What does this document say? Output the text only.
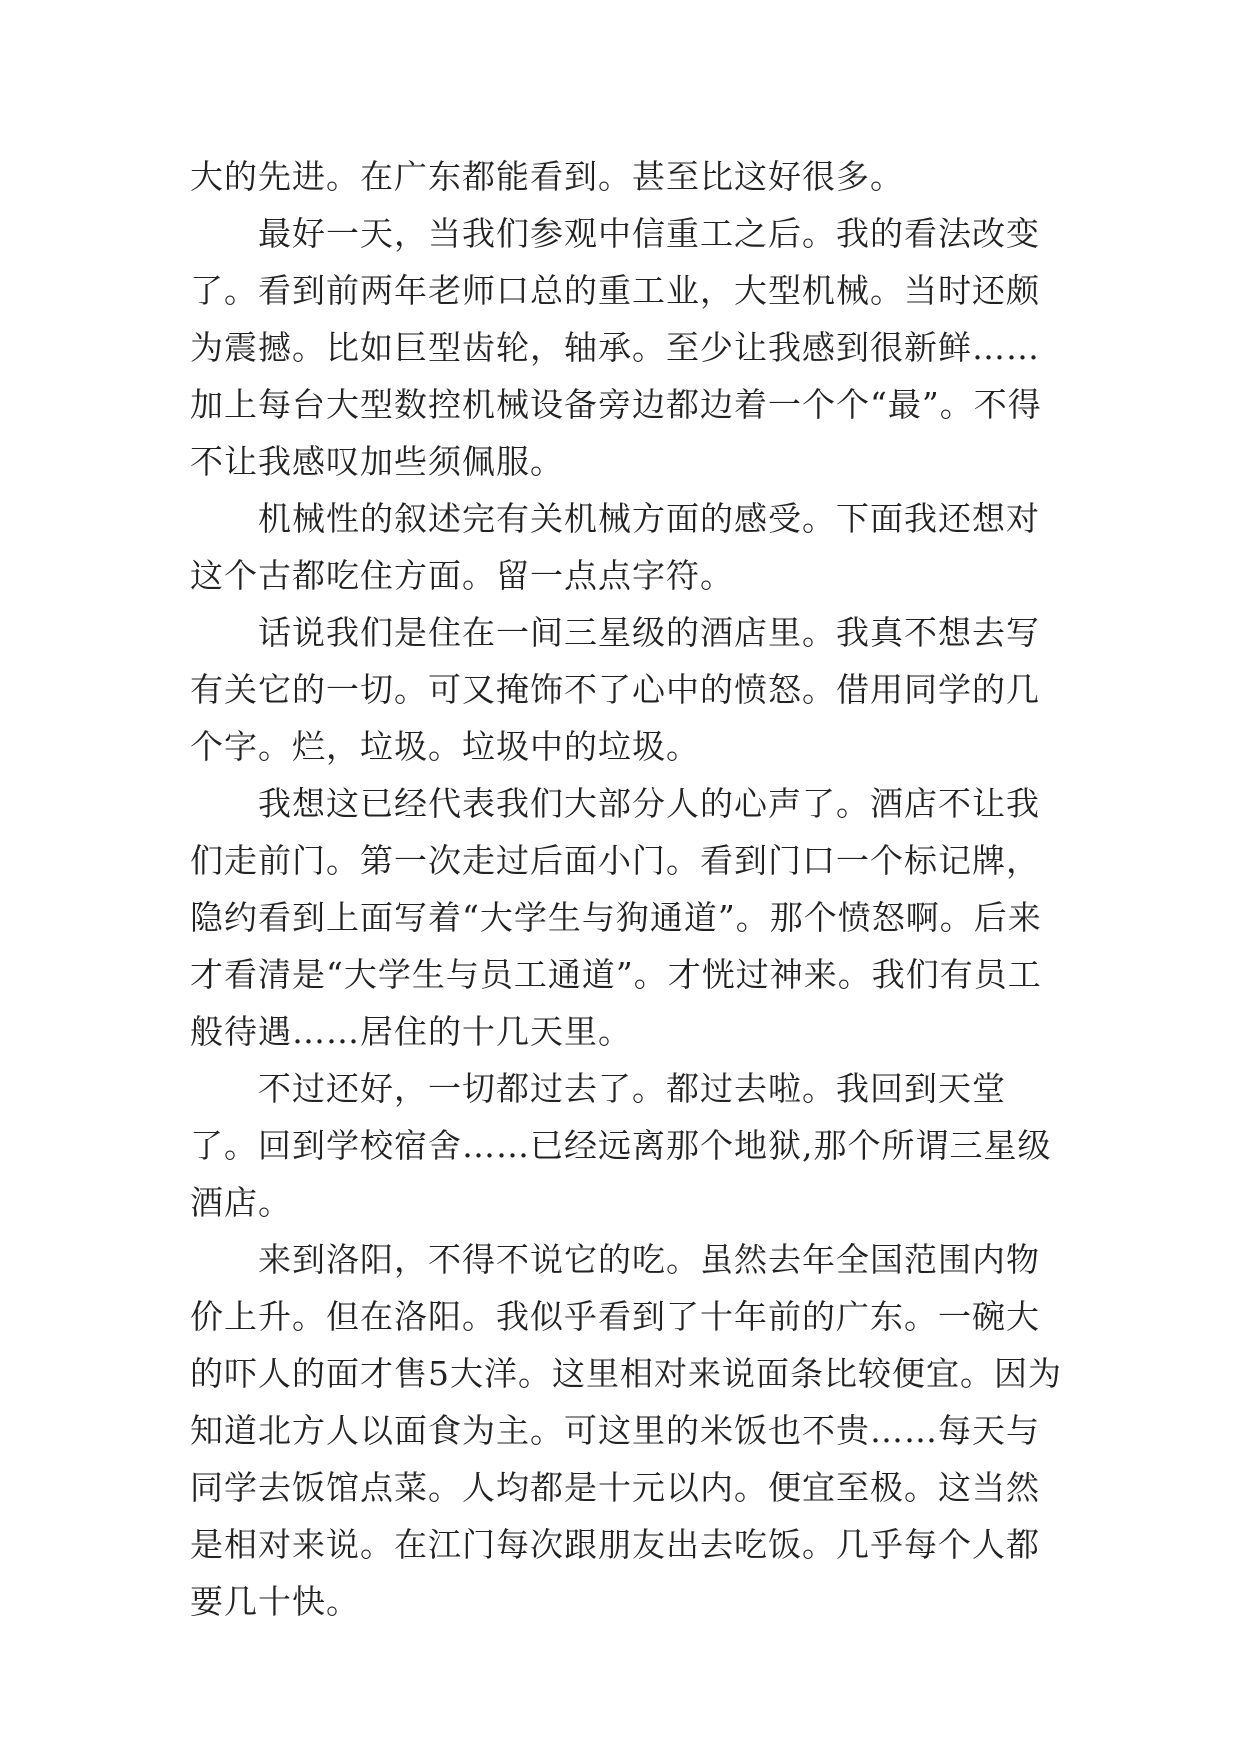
大的先进。在广东都能看到。甚至比这好很多。

最好一天，当我们参观中信重工之后。我的看法改变了。看到前两年老师口总的重工业，大型机械。当时还颇为震撼。比如巨型齿轮，轴承。至少让我感到很新鲜……加上每台大型数控机械设备旁边都边着一个个“最”。不得不让我感叹加些须佩服。

机械性的叙述完有关机械方面的感受。下面我还想对这个古都吃住方面。留一点点字符。

话说我们是住在一间三星级的酒店里。我真不想去写有关它的一切。可又掩饰不了心中的愤怒。借用同学的几个字。烂，垃圾。垃圾中的垃圾。

我想这已经代表我们大部分人的心声了。酒店不让我们走前门。第一次走过后面小门。看到门口一个标记牌，隐约看到上面写着“大学生与狗通道”。那个愤怒啊。后来才看清是“大学生与员工通道”。才恍过神来。我们有员工般待遇……居住的十几天里。

不过还好，一切都过去了。都过去啦。我回到天堂了。回到学校宿舍……已经远离那个地狱,那个所谓三星级酒店。

来到洛阳，不得不说它的吃。虽然去年全国范围内物价上升。但在洛阳。我似乎看到了十年前的广东。一碗大的吓人的面才售5大洋。这里相对来说面条比较便宜。因为知道北方人以面食为主。可这里的米饭也不贵……每天与同学去饭馆点菜。人均都是十元以内。便宜至极。这当然是相对来说。在江门每次跟朋友出去吃饭。几乎每个人都要几十快。
